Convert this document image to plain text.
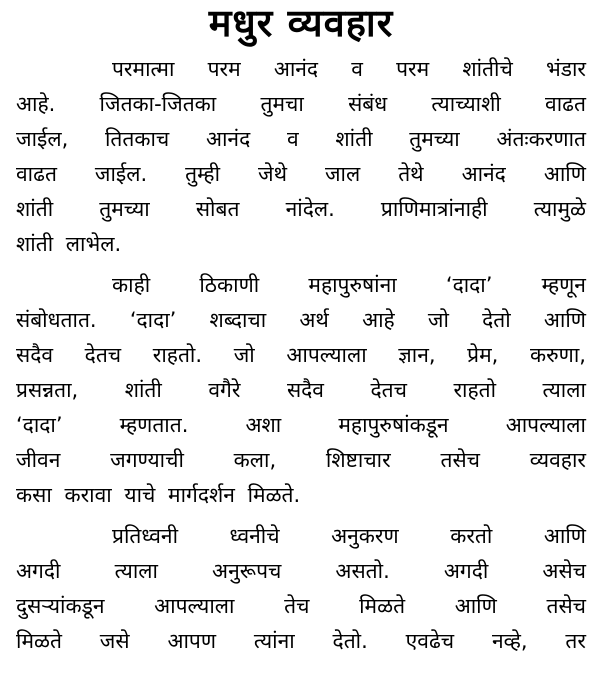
मधुर व्यवहार
परमात्मा परम आनंद व परम शांतीचे भंडार
आहे. जितका-जितका तुमचा संबंध त्याच्याशी वाढत
जाईल, तितकाच आनंद व शांती तुमच्या अंतःकरणात
वाढत जाईल. तुम्ही जेथे जाल तेथे आनंद आणि
शांती तुमच्या सोबत नांदेल. प्राणिमात्रांनाही त्यामुळे
शांती लाभेल.
काही ठिकाणी महापुरुषांना ‘दादा’ म्हणून
संबोधतात. ‘दादा’ शब्दाचा अर्थ आहे जो देतो आणि
सदैव देतच राहतो. जो आपल्याला ज्ञान, प्रेम, करुणा,
प्रसन्नता, शांती वगैरे सदैव देतच राहतो त्याला
‘दादा’	म्हणतात.	अशा	महापुरुषांकडून	आपल्याला
जीवन जगण्याची कला, शिष्टाचार तसेच व्यवहार
कसा करावा याचे मार्गदर्शन मिळते.
प्रतिध्वनी ध्वनीचे अनुकरण करतो आणि
अगदी	त्याला	अनुरूपच	असतो.	अगदी	असेच
दुसऱ्यांकडून आपल्याला तेच मिळते आणि तसेच
मिळते जसे आपण त्यांना देतो. एवढेच नव्हे, तर
